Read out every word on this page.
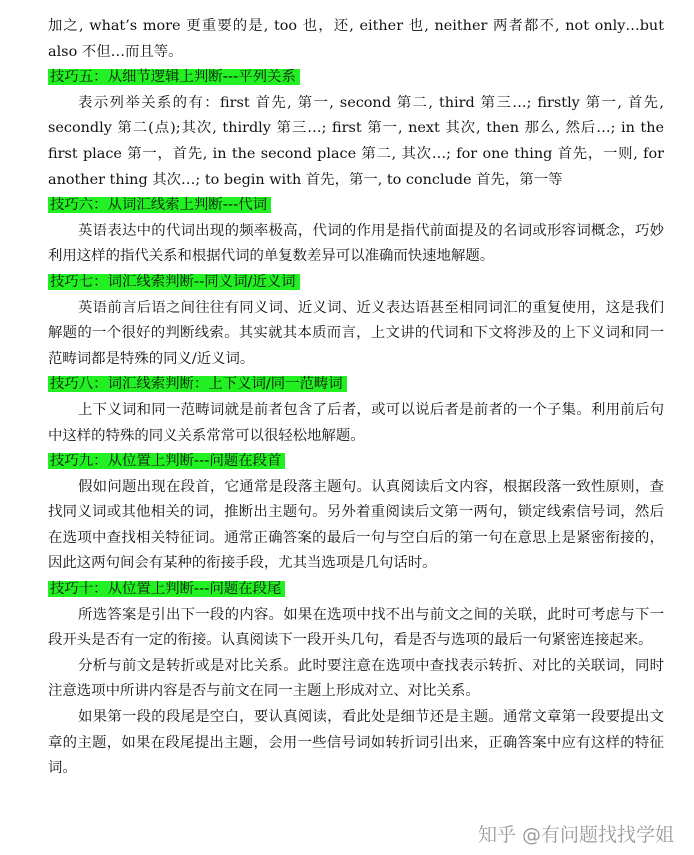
加之, what’s more 更重要的是, too 也，还, either 也, neither 两者都不, not only…but also 不但…而且等。

技巧五：从细节逻辑上判断---平列关系

表示列举关系的有：first 首先, 第一, second 第二, third 第三…; firstly 第一, 首先, secondly 第二(点);其次, thirdly 第三…; first 第一, next 其次, then 那么, 然后…; in the first place 第一，首先, in the second place 第二, 其次…; for one thing 首先，一则, for another thing 其次…; to begin with 首先，第一, to conclude 首先，第一等

技巧六：从词汇线索上判断---代词

英语表达中的代词出现的频率极高，代词的作用是指代前面提及的名词或形容词概念，巧妙利用这样的指代关系和根据代词的单复数差异可以准确而快速地解题。

技巧七：词汇线索判断--同义词/近义词

英语前言后语之间往往有同义词、近义词、近义表达语甚至相同词汇的重复使用，这是我们解题的一个很好的判断线索。其实就其本质而言，上文讲的代词和下文将涉及的上下义词和同一范畴词都是特殊的同义/近义词。

技巧八：词汇线索判断：上下义词/同一范畴词

上下义词和同一范畴词就是前者包含了后者，或可以说后者是前者的一个子集。利用前后句中这样的特殊的同义关系常常可以很轻松地解题。

技巧九：从位置上判断---问题在段首

假如问题出现在段首，它通常是段落主题句。认真阅读后文内容，根据段落一致性原则，查找同义词或其他相关的词，推断出主题句。另外着重阅读后文第一两句，锁定线索信号词，然后在选项中查找相关特征词。通常正确答案的最后一句与空白后的第一句在意思上是紧密衔接的，因此这两句间会有某种的衔接手段，尤其当选项是几句话时。

技巧十：从位置上判断---问题在段尾

所选答案是引出下一段的内容。如果在选项中找不出与前文之间的关联，此时可考虑与下一段开头是否有一定的衔接。认真阅读下一段开头几句，看是否与选项的最后一句紧密连接起来。

分析与前文是转折或是对比关系。此时要注意在选项中查找表示转折、对比的关联词，同时注意选项中所讲内容是否与前文在同一主题上形成对立、对比关系。

如果第一段的段尾是空白，要认真阅读，看此处是细节还是主题。通常文章第一段要提出文章的主题，如果在段尾提出主题，会用一些信号词如转折词引出来，正确答案中应有这样的特征词。

知乎 @有问题找找学姐
